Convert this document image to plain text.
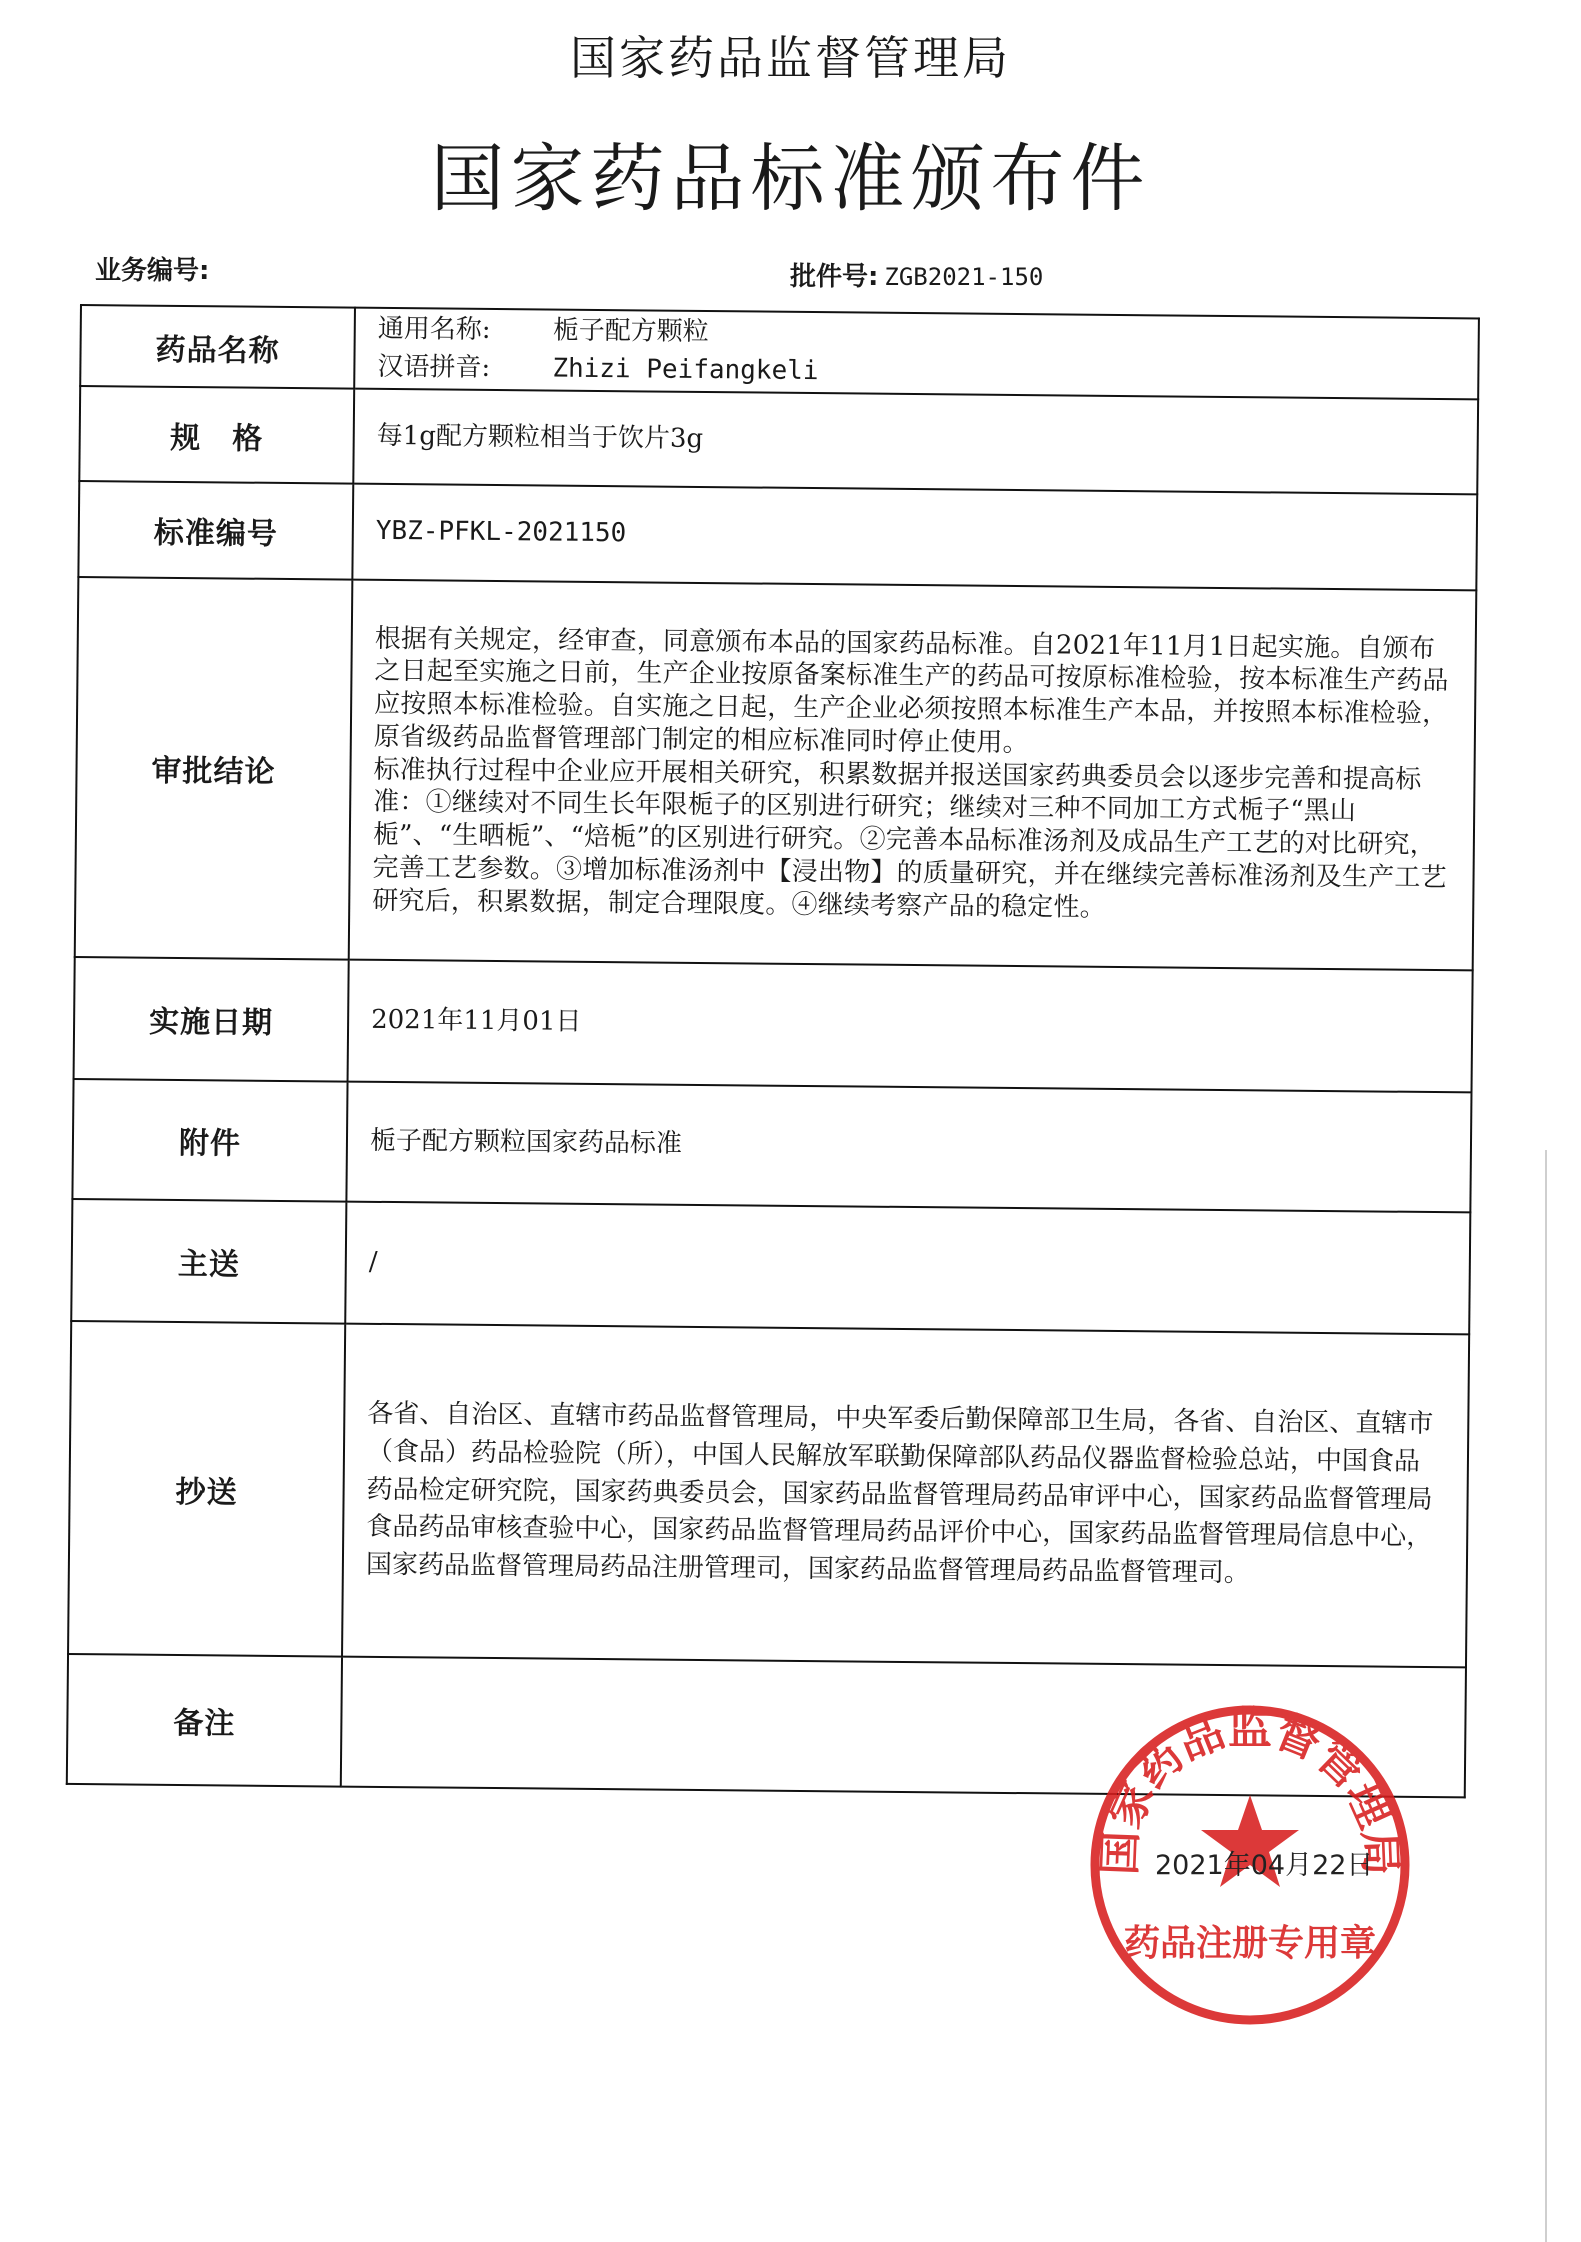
国家药品监督管理局
国家药品标准颁布件
业务编号:	批件号: ZGB2021-150
药品名称	通用名称: 栀子配方颗粒
汉语拼音: Zhizi Peifangkeli

规　格	每1g配方颗粒相当于饮片3g
标准编号	YBZ-PFKL-2021150
审批结论	根据有关规定，经审查，同意颁布本品的国家药品标准。自2021年11月1日起实施。自颁布之日起至实施之日前，生产企业按原备案标准生产的药品可按原标准检验，按本标准生产药品应按照本标准检验。自实施之日起，生产企业必须按照本标准生产本品，并按照本标准检验，原省级药品监督管理部门制定的相应标准同时停止使用。
标准执行过程中企业应开展相关研究，积累数据并报送国家药典委员会以逐步完善和提高标准：①继续对不同生长年限栀子的区别进行研究；继续对三种不同加工方式栀子“黑山栀”、“生晒栀”、“焙栀”的区别进行研究。②完善本品标准汤剂及成品生产工艺的对比研究，完善工艺参数。③增加标准汤剂中【浸出物】的质量研究，并在继续完善标准汤剂及生产工艺研究后，积累数据，制定合理限度。④继续考察产品的稳定性。

实施日期	2021年11月01日
附件	栀子配方颗粒国家药品标准
主送	/
抄送	各省、自治区、直辖市药品监督管理局，中央军委后勤保障部卫生局，各省、自治区、直辖市（食品）药品检验院（所），中国人民解放军联勤保障部队药品仪器监督检验总站，中国食品药品检定研究院，国家药典委员会，国家药品监督管理局药品审评中心，国家药品监督管理局食品药品审核查验中心，国家药品监督管理局药品评价中心，国家药品监督管理局信息中心，国家药品监督管理局药品注册管理司，国家药品监督管理局药品监督管理司。
备注	
国家药品监督管理局
药品注册专用章
2021年04月22日
